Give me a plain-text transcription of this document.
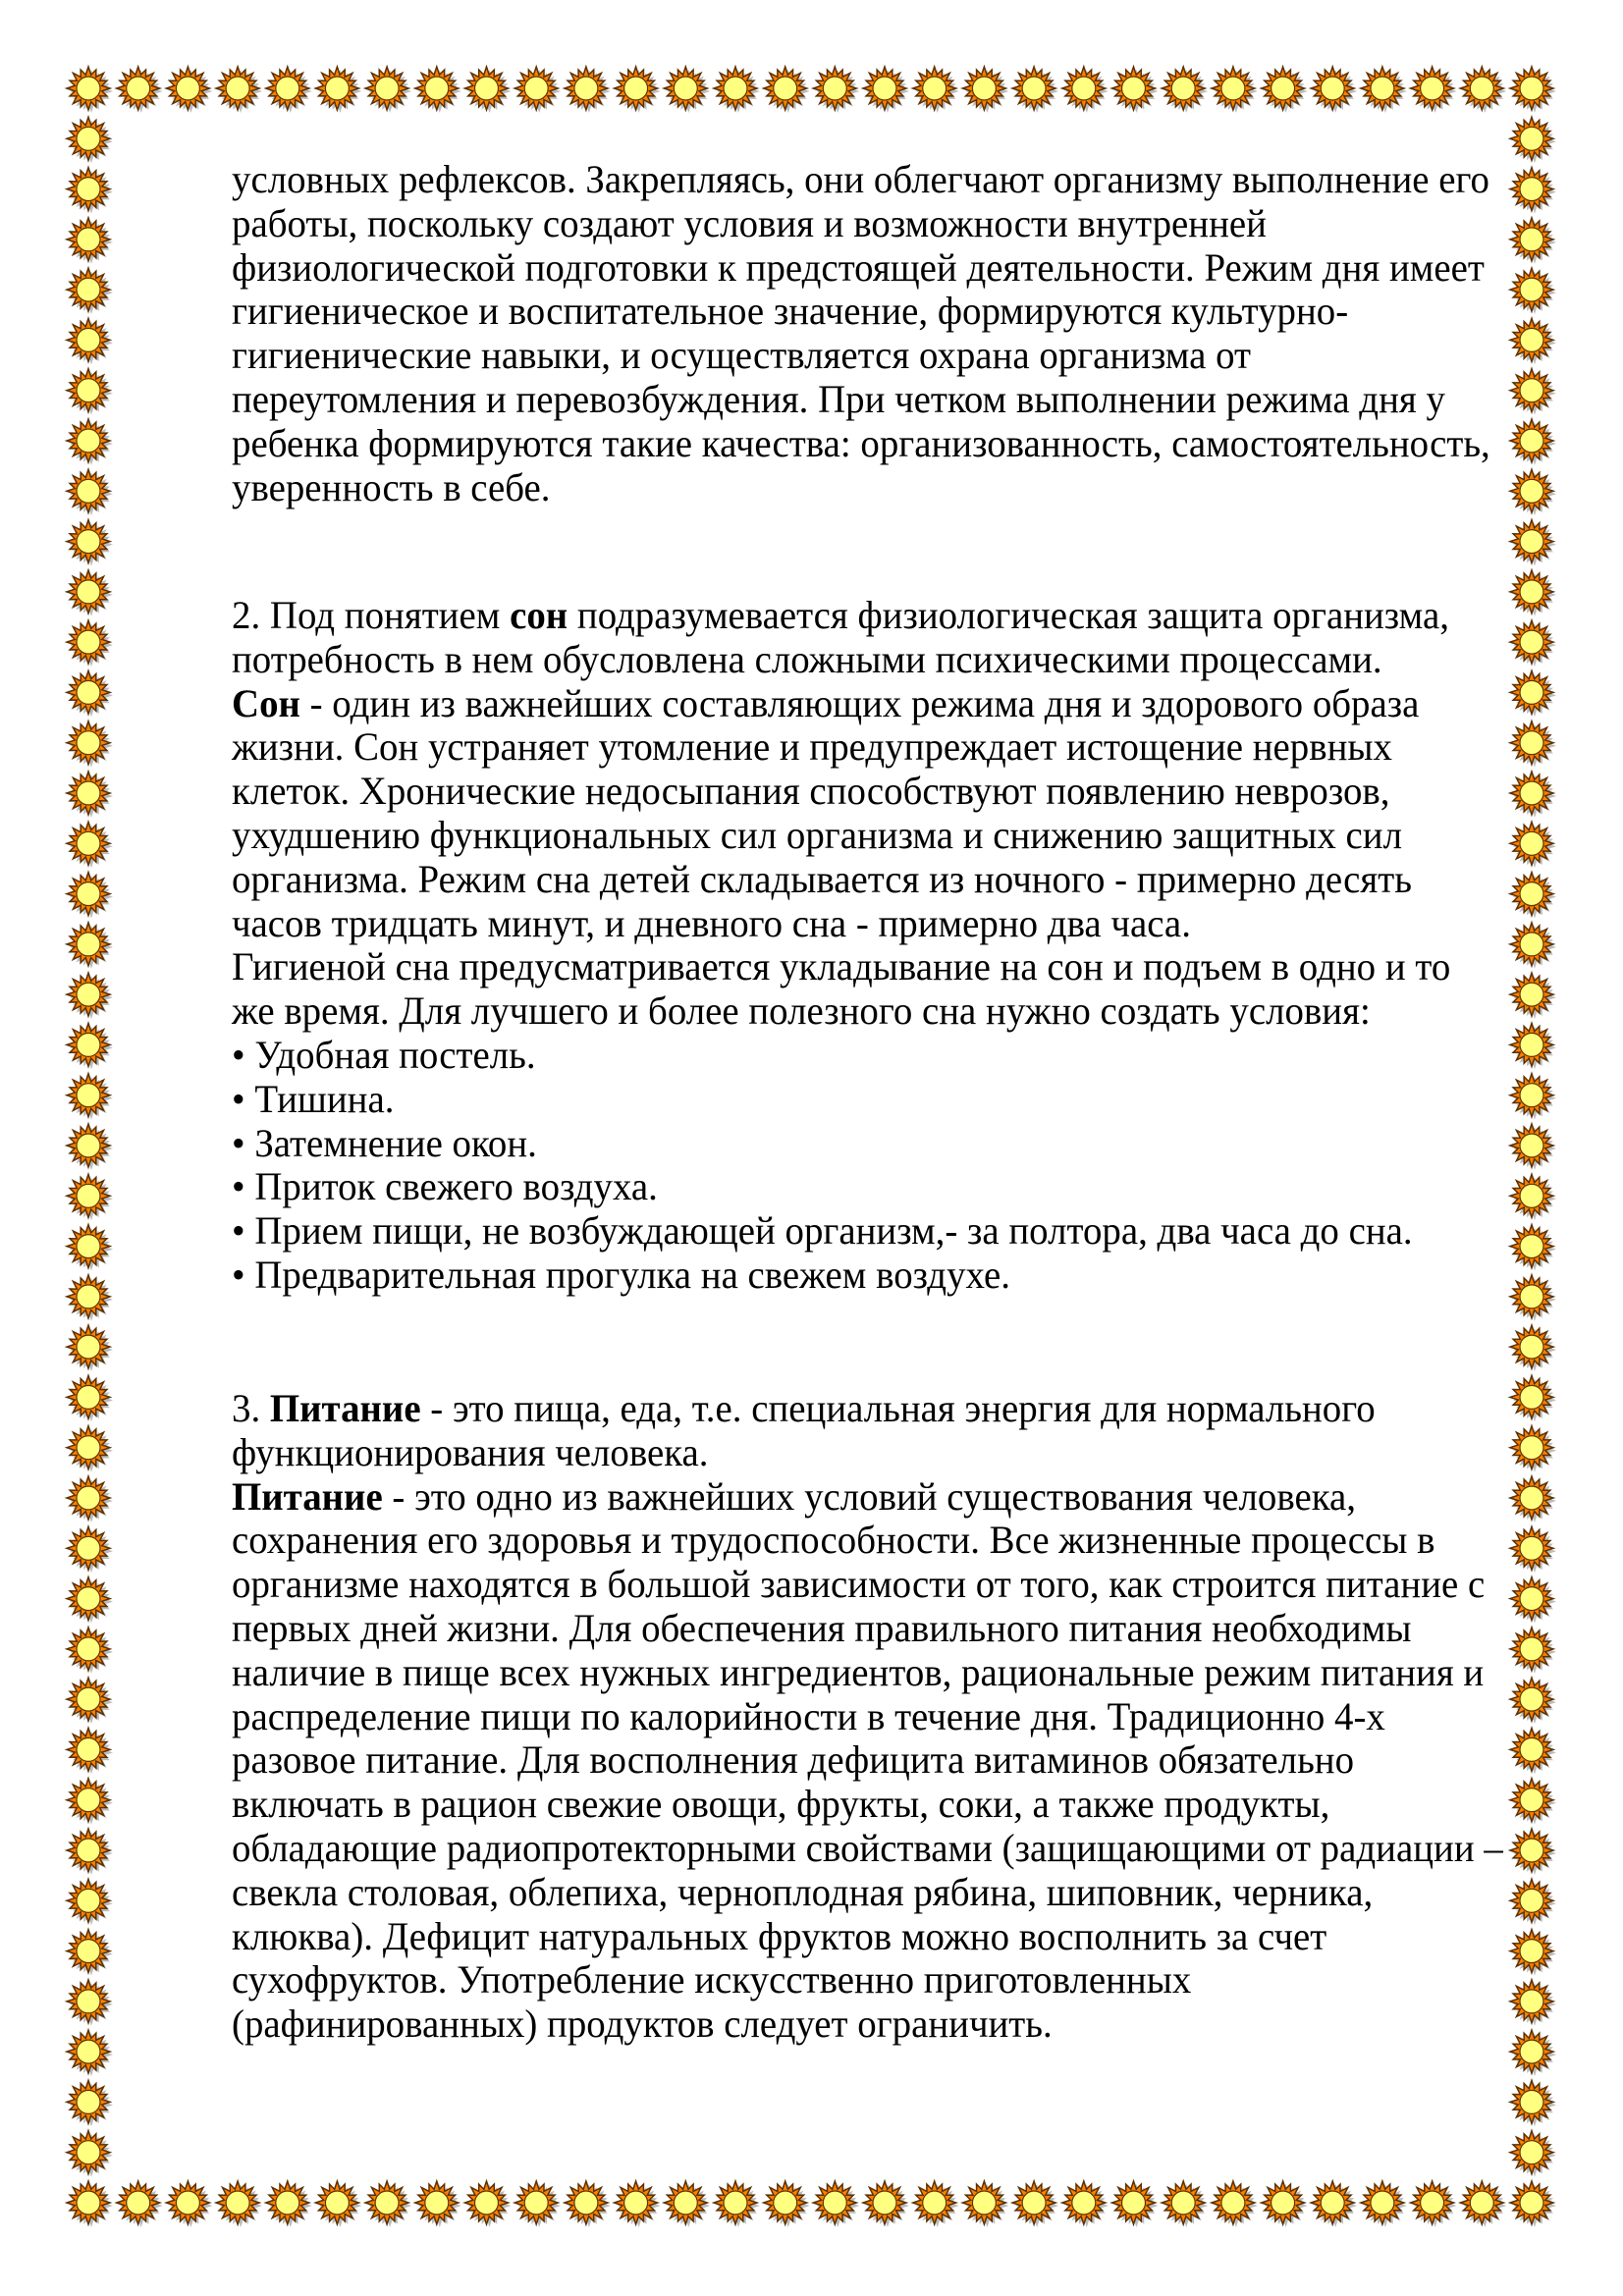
условных рефлексов. Закрепляясь, они облегчают организму выполнение его
работы, поскольку создают условия и возможности внутренней
физиологической подготовки к предстоящей деятельности. Режим дня имеет
гигиеническое и воспитательное значение, формируются культурно-
гигиенические навыки, и осуществляется охрана организма от
переутомления и перевозбуждения. При четком выполнении режима дня у
ребенка формируются такие качества: организованность, самостоятельность,
уверенность в себе.
2. Под понятием сон подразумевается физиологическая защита организма,
потребность в нем обусловлена сложными психическими процессами.
Сон - один из важнейших составляющих режима дня и здорового образа
жизни. Сон устраняет утомление и предупреждает истощение нервных
клеток. Хронические недосыпания способствуют появлению неврозов,
ухудшению функциональных сил организма и снижению защитных сил
организма. Режим сна детей складывается из ночного - примерно десять
часов тридцать минут, и дневного сна - примерно два часа.
Гигиеной сна предусматривается укладывание на сон и подъем в одно и то
же время. Для лучшего и более полезного сна нужно создать условия:
• Удобная постель.
• Тишина.
• Затемнение окон.
• Приток свежего воздуха.
• Прием пищи, не возбуждающей организм,- за полтора, два часа до сна.
• Предварительная прогулка на свежем воздухе.
3. Питание - это пища, еда, т.е. специальная энергия для нормального
функционирования человека.
Питание - это одно из важнейших условий существования человека,
сохранения его здоровья и трудоспособности. Все жизненные процессы в
организме находятся в большой зависимости от того, как строится питание с
первых дней жизни. Для обеспечения правильного питания необходимы
наличие в пище всех нужных ингредиентов, рациональные режим питания и
распределение пищи по калорийности в течение дня. Традиционно 4-х
разовое питание. Для восполнения дефицита витаминов обязательно
включать в рацион свежие овощи, фрукты, соки, а также продукты,
обладающие радиопротекторными свойствами (защищающими от радиации –
свекла столовая, облепиха, черноплодная рябина, шиповник, черника,
клюква). Дефицит натуральных фруктов можно восполнить за счет
сухофруктов. Употребление искусственно приготовленных
(рафинированных) продуктов следует ограничить.
